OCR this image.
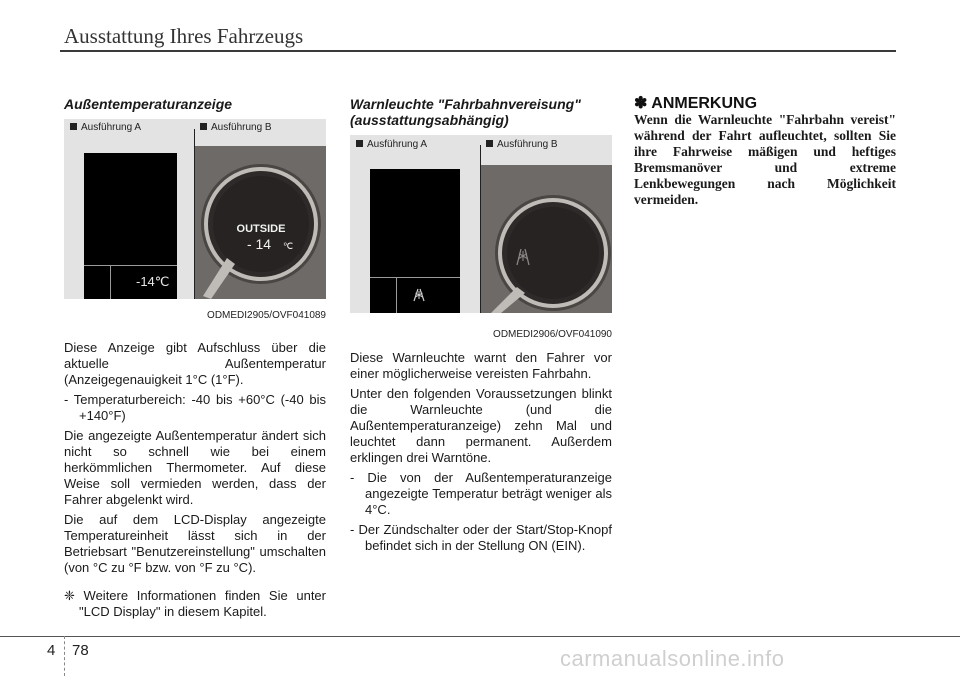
Ausstattung Ihres Fahrzeugs

Außentemperaturanzeige

Ausführung A	Ausführung B
-14℃
OUTSIDE
- 14 ℃
ODMEDI2905/OVF041089

Diese Anzeige gibt Aufschluss über die aktuelle Außentemperatur (Anzeigegenauigkeit 1°C (1°F).

- Temperaturbereich: -40 bis +60°C (-40 bis +140°F)

Die angezeigte Außentemperatur ändert sich nicht so schnell wie bei einem herkömmlichen Thermometer. Auf diese Weise soll vermieden werden, dass der Fahrer abgelenkt wird.

Die auf dem LCD-Display angezeigte Temperatureinheit lässt sich in der Betriebsart "Benutzereinstellung" umschalten (von °C zu °F bzw. von °F zu °C).

❈ Weitere Informationen finden Sie unter "LCD Display" in diesem Kapitel.

Warnleuchte "Fahrbahnvereisung"

(ausstattungsabhängig)

Ausführung A	Ausführung B
ODMEDI2906/OVF041090

Diese Warnleuchte warnt den Fahrer vor einer möglicherweise vereisten Fahrbahn.

Unter den folgenden Voraussetzungen blinkt die Warnleuchte (und die Außentemperaturanzeige) zehn Mal und leuchtet dann permanent. Außerdem erklingen drei Warntöne.

- Die von der Außentemperaturanzeige angezeigte Temperatur beträgt weniger als 4°C.

- Der Zündschalter oder der Start/Stop-Knopf befindet sich in der Stellung ON (EIN).

✽ ANMERKUNG

Wenn die Warnleuchte "Fahrbahn vereist" während der Fahrt aufleuchtet, sollten Sie ihre Fahrweise mäßigen und heftiges Bremsmanöver und extreme Lenkbewegungen nach Möglichkeit vermeiden.

4 78	carmanualsonline.info
